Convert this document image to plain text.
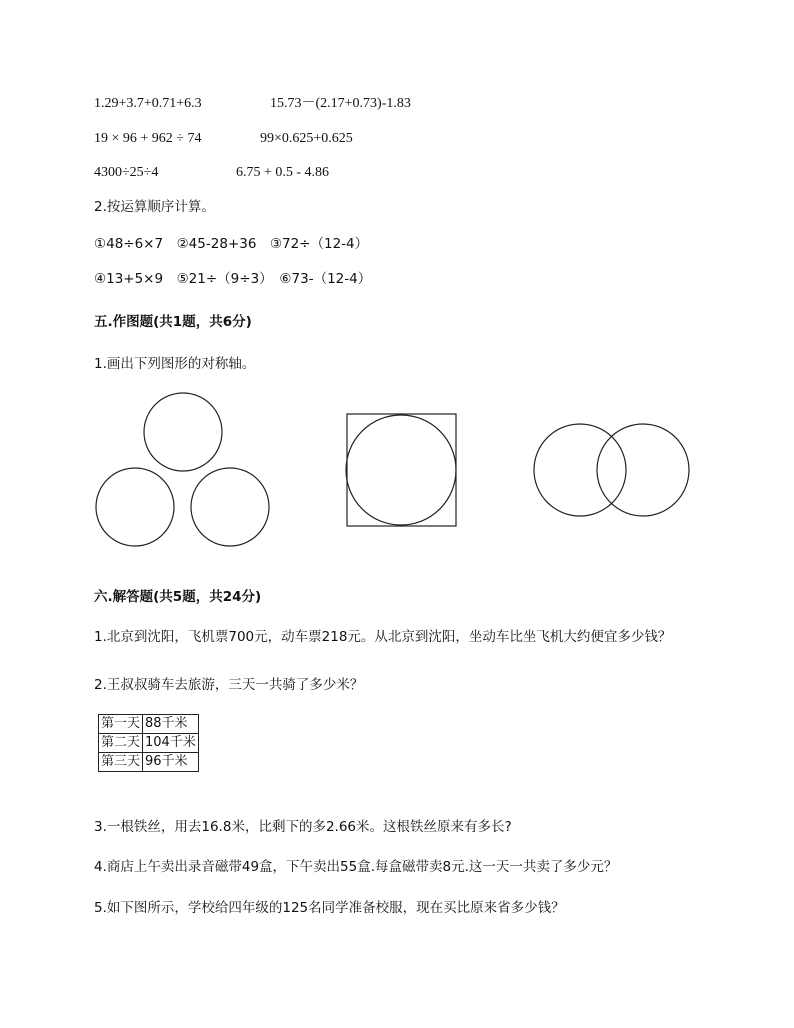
1.29+3.7+0.71+6.3	15.73－(2.17+0.73)-1.83
19 × 96 + 962 ÷ 74	99×0.625+0.625
4300÷25÷4	6.75 + 0.5 - 4.86
2.按运算顺序计算。
①48÷6×7　②45-28+36　③72÷（12-4）
④13+5×9　⑤21÷（9÷3）　⑥73-（12-4）
五.作图题(共1题，共6分)
1.画出下列图形的对称轴。
六.解答题(共5题，共24分)
1.北京到沈阳，飞机票700元，动车票218元。从北京到沈阳，坐动车比坐飞机大约便宜多少钱？
2.王叔叔骑车去旅游，三天一共骑了多少米？
第一天	88千米
第二天	104千米
第三天	96千米
3.一根铁丝，用去16.8米，比剩下的多2.66米。这根铁丝原来有多长?
4.商店上午卖出录音磁带49盒，下午卖出55盒.每盒磁带卖8元.这一天一共卖了多少元？
5.如下图所示，学校给四年级的125名同学准备校服，现在买比原来省多少钱？
